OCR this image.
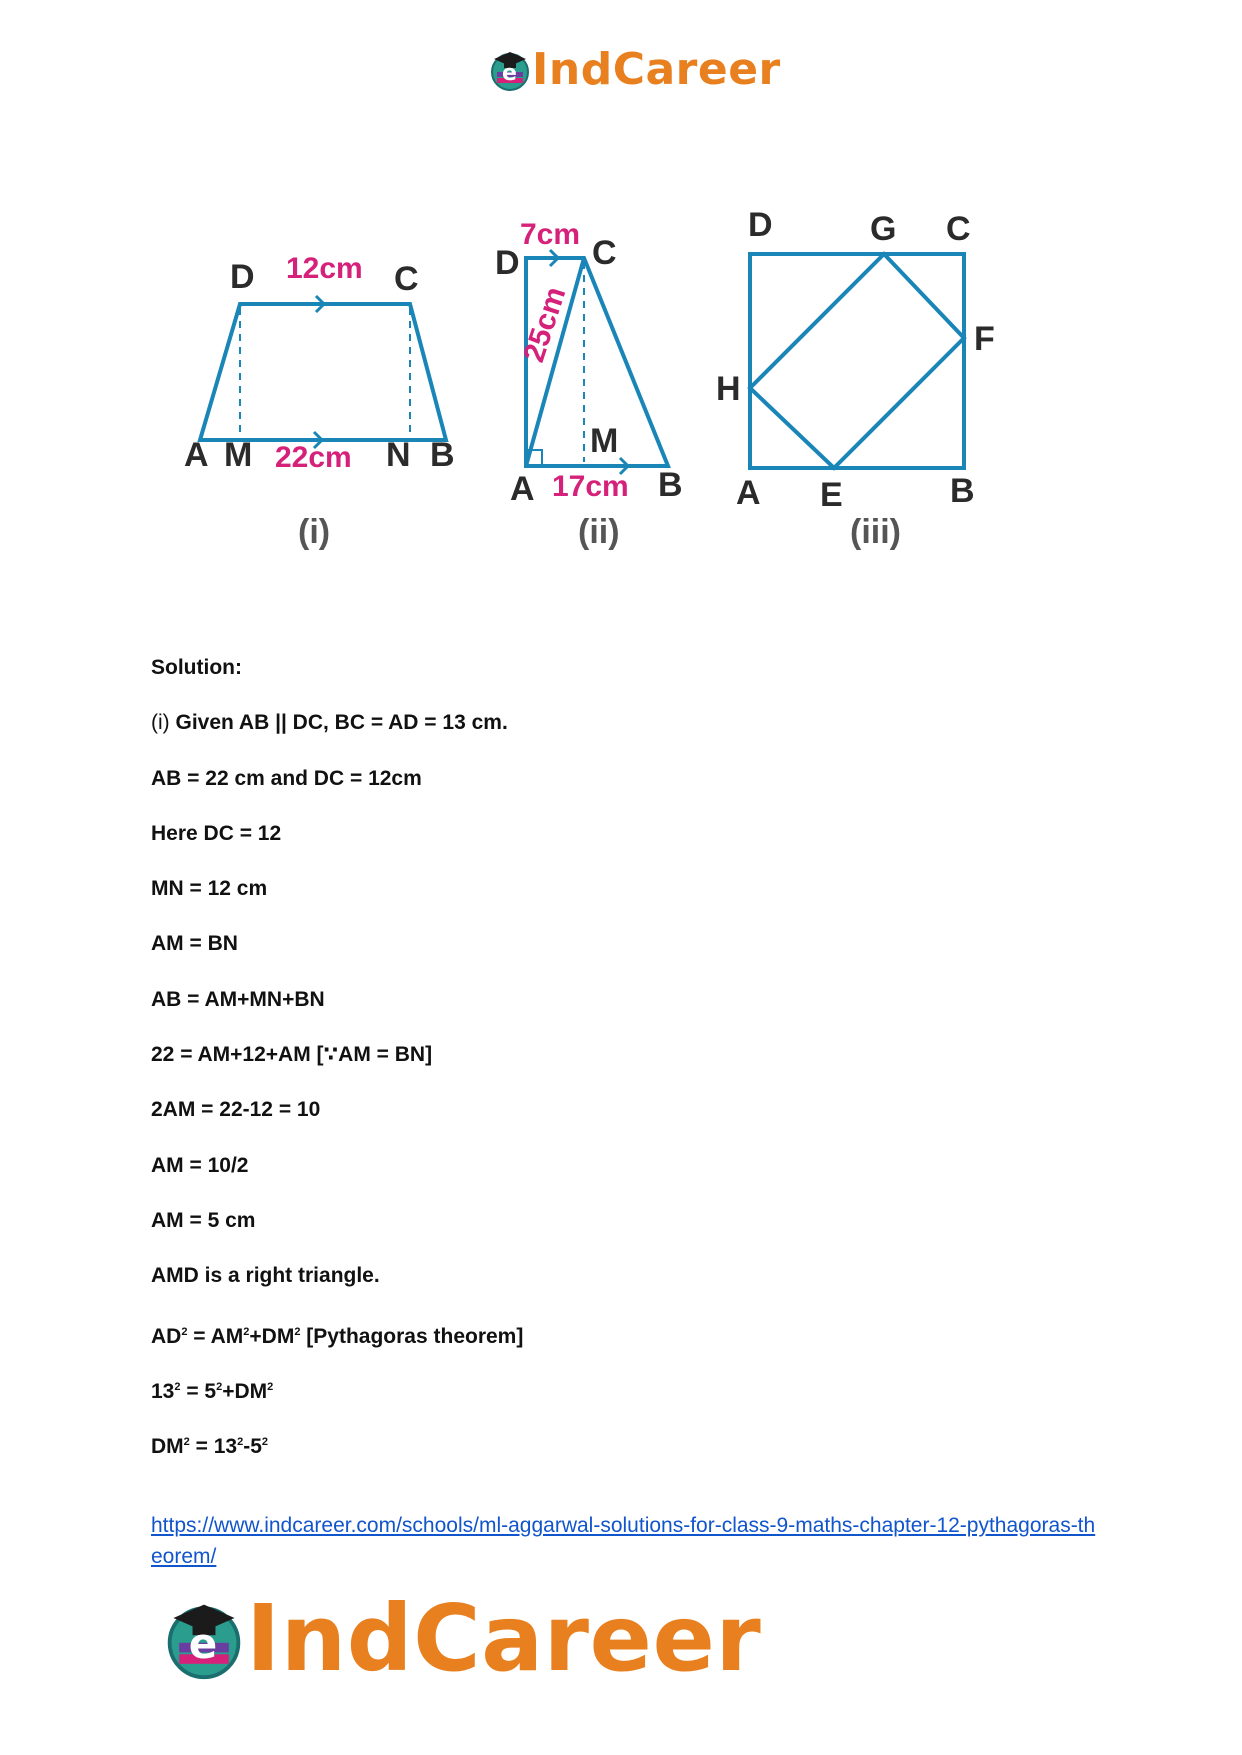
e IndCareer
A M	N B
D	C
12cm
22cm
(i)
D C
M
A	B
7cm
25cm
17cm
(ii)
D	G C
F
H
A E	B
(iii)
Solution:
(i) Given AB || DC, BC = AD = 13 cm.
AB = 22 cm and DC = 12cm
Here DC = 12
MN = 12 cm
AM = BN
AB = AM+MN+BN
22 = AM+12+AM [∵AM = BN]
2AM = 22-12 = 10
AM = 10/2
AM = 5 cm
AMD is a right triangle.
$AD^2 = AM^2+DM^2$ [Pythagoras theorem]
$13^2 = 5^2+DM^2$
$DM^2 = 13^2-5^2$
https://www.indcareer.com/schools/ml-aggarwal-solutions-for-class-9-maths-chapter-12-pythagoras-theorem/
e IndCareer
